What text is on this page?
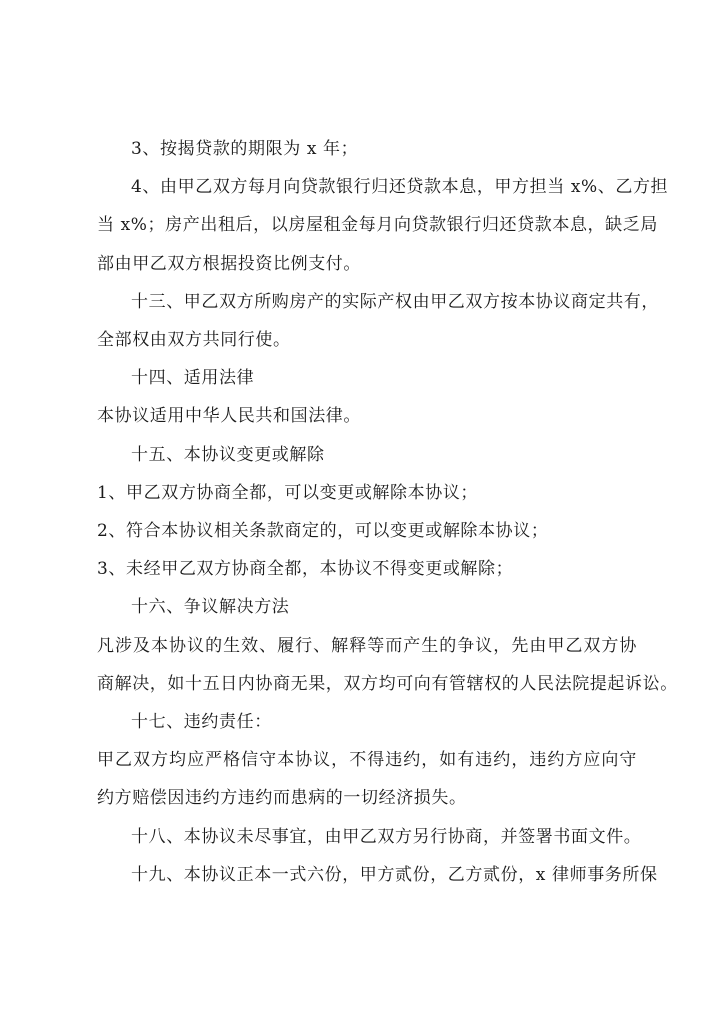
3、按揭贷款的期限为 x 年；

4、由甲乙双方每月向贷款银行归还贷款本息，甲方担当 x%、乙方担
当 x%；房产出租后，以房屋租金每月向贷款银行归还贷款本息，缺乏局
部由甲乙双方根据投资比例支付。

十三、甲乙双方所购房产的实际产权由甲乙双方按本协议商定共有，
全部权由双方共同行使。

十四、适用法律

本协议适用中华人民共和国法律。

十五、本协议变更或解除

1、甲乙双方协商全都，可以变更或解除本协议；

2、符合本协议相关条款商定的，可以变更或解除本协议；

3、未经甲乙双方协商全都，本协议不得变更或解除；

十六、争议解决方法

凡涉及本协议的生效、履行、解释等而产生的争议，先由甲乙双方协
商解决，如十五日内协商无果，双方均可向有管辖权的人民法院提起诉讼。

十七、违约责任：

甲乙双方均应严格信守本协议，不得违约，如有违约，违约方应向守
约方赔偿因违约方违约而患病的一切经济损失。

十八、本协议未尽事宜，由甲乙双方另行协商，并签署书面文件。

十九、本协议正本一式六份，甲方贰份，乙方贰份，x 律师事务所保
